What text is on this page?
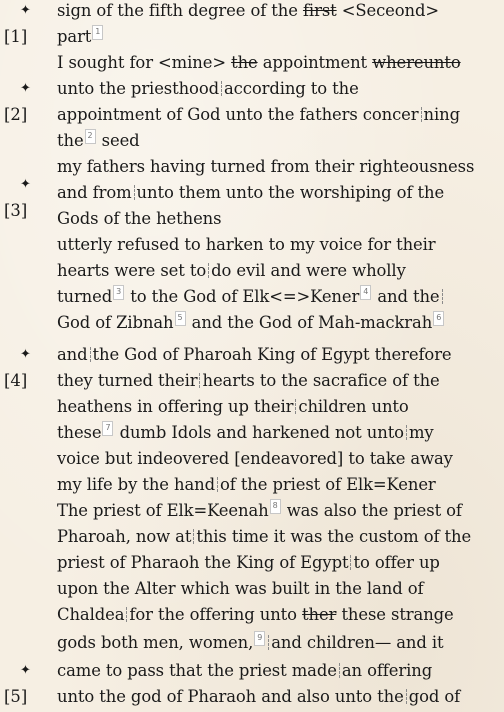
✦
[1]
✦
[2]
✦
[3]
✦
[4]
✦
[5]
sign of the fifth degree of the first <Seceond>
part 1
I sought for <mine> the appointment whereunto
unto the priesthood according to the
appointment of God unto the fathers concer ning
the 2 seed
my fathers having turned from their righteousness
and from unto them unto the worshiping of the
Gods of the hethens
utterly refused to harken to my voice for their
hearts were set to do evil and were wholly
turned 3 to the God of Elk<=>Kener 4 and the
God of Zibnah 5 and the God of Mah-mackrah 6
and the God of Pharoah King of Egypt therefore
they turned their hearts to the sacrafice of the
heathens in offering up their children unto
these 7 dumb Idols and harkened not unto my
voice but indeovered [endeavored] to take away
my life by the hand of the priest of Elk=Kener
The priest of Elk=Keenah 8 was also the priest of
Pharoah, now at this time it was the custom of the
priest of Pharaoh the King of Egypt to offer up
upon the Alter which was built in the land of
Chaldea for the offering unto ther these strange
gods both men, women, 9 and children— and it
came to pass that the priest made an offering
unto the god of Pharaoh and also unto the god of
